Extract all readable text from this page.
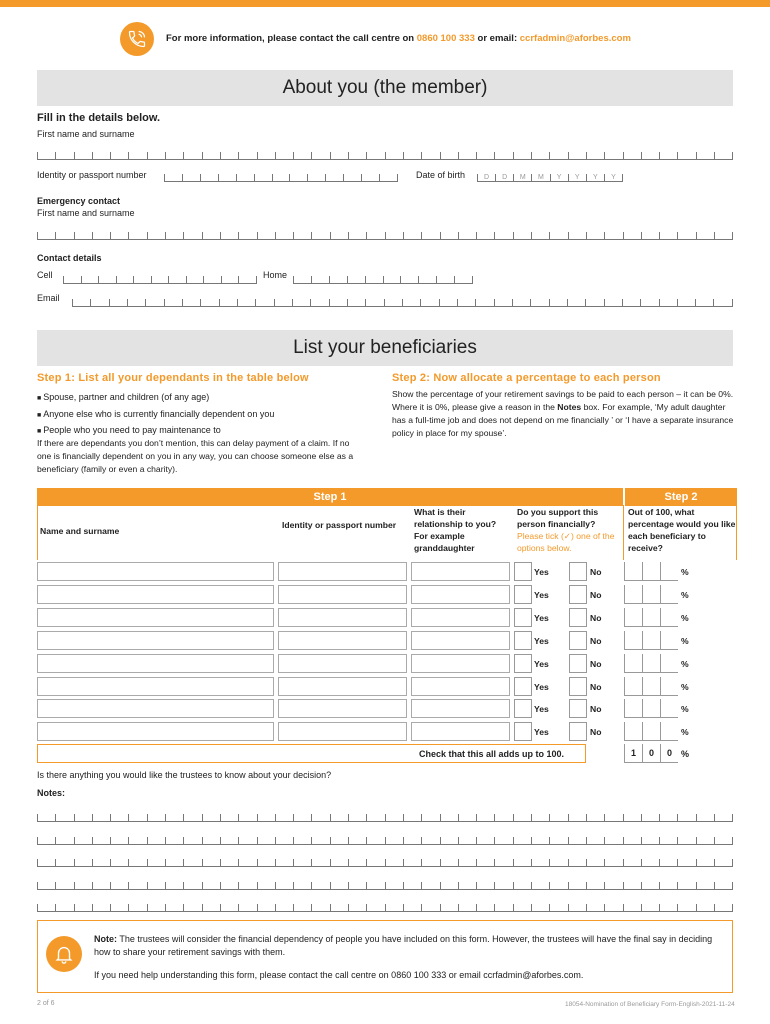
For more information, please contact the call centre on 0860 100 333 or email: ccrfadmin@aforbes.com
About you (the member)
Fill in the details below.
First name and surname
Identity or passport number	Date of birth	D	D	M	M	Y	Y	Y	Y
Emergency contact
First name and surname
Contact details
Cell	Home
Email
List your beneficiaries
Step 1: List all your dependants in the table below
■ Spouse, partner and children (of any age)
■ Anyone else who is currently financially dependent on you
■ People who you need to pay maintenance to
If there are dependants you don’t mention, this can delay payment of a claim. If no one is financially dependent on you in any way, you can choose someone else as a beneficiary (family or even a charity).
Step 2: Now allocate a percentage to each person
Show the percentage of your retirement savings to be paid to each person – it can be 0%. Where it is 0%, please give a reason in the Notes box. For example, ‘My adult daughter has a full-time job and does not depend on me financially ’ or ‘I have a separate insurance policy in place for my spouse’.
Step 1	Step 2
Name and surname
Identity or passport number
What is their relationship to you? For example granddaughter
Do you support this person financially? Please tick (✓) one of the options below.
Out of 100, what percentage would you like each beneficiary to receive?
Yes	No	%
Yes	No	%
Yes	No	%
Yes	No	%
Yes	No	%
Yes	No	%
Yes	No	%
Yes	No	%
Check that this all adds up to 100.	1	0	0	%
Is there anything you would like the trustees to know about your decision?
Notes:
Note: The trustees will consider the financial dependency of people you have included on this form. However, the trustees will have the final say in deciding how to share your retirement savings with them.
If you need help understanding this form, please contact the call centre on 0860 100 333 or email ccrfadmin@aforbes.com.
2 of 6	18054-Nomination of Beneficiary Form-English-2021-11-24
